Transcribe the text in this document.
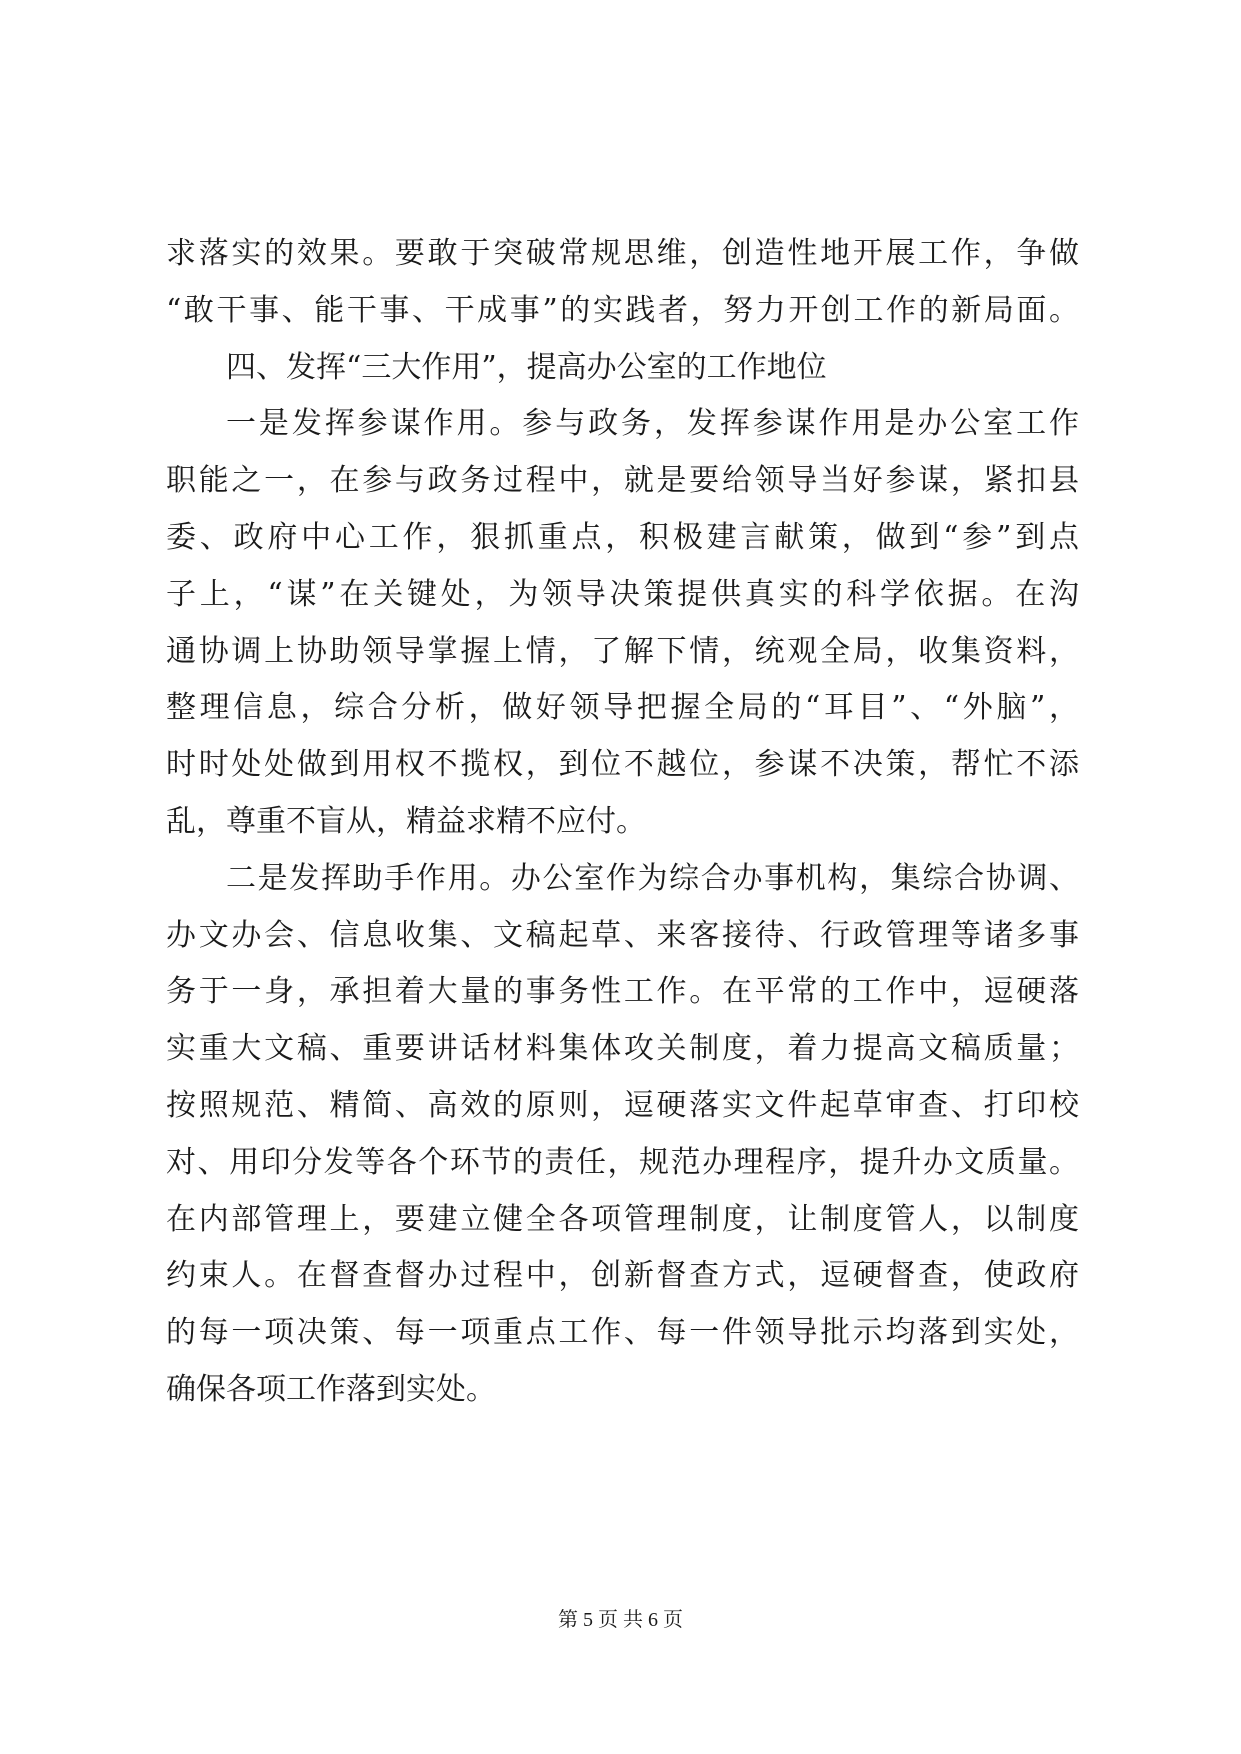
求落实的效果。要敢于突破常规思维，创造性地开展工作，争做
“敢干事、能干事、干成事”的实践者，努力开创工作的新局面。
四、发挥“三大作用”，提高办公室的工作地位
一是发挥参谋作用。参与政务，发挥参谋作用是办公室工作
职能之一，在参与政务过程中，就是要给领导当好参谋，紧扣县
委、政府中心工作，狠抓重点，积极建言献策，做到“参”到点
子上，“谋”在关键处，为领导决策提供真实的科学依据。在沟
通协调上协助领导掌握上情，了解下情，统观全局，收集资料，
整理信息，综合分析，做好领导把握全局的“耳目”、“外脑”，
时时处处做到用权不揽权，到位不越位，参谋不决策，帮忙不添
乱，尊重不盲从，精益求精不应付。
二是发挥助手作用。办公室作为综合办事机构，集综合协调、
办文办会、信息收集、文稿起草、来客接待、行政管理等诸多事
务于一身，承担着大量的事务性工作。在平常的工作中，逗硬落
实重大文稿、重要讲话材料集体攻关制度，着力提高文稿质量；
按照规范、精简、高效的原则，逗硬落实文件起草审查、打印校
对、用印分发等各个环节的责任，规范办理程序，提升办文质量。
在内部管理上，要建立健全各项管理制度，让制度管人，以制度
约束人。在督查督办过程中，创新督查方式，逗硬督查，使政府
的每一项决策、每一项重点工作、每一件领导批示均落到实处，
确保各项工作落到实处。
第 5 页 共 6 页
